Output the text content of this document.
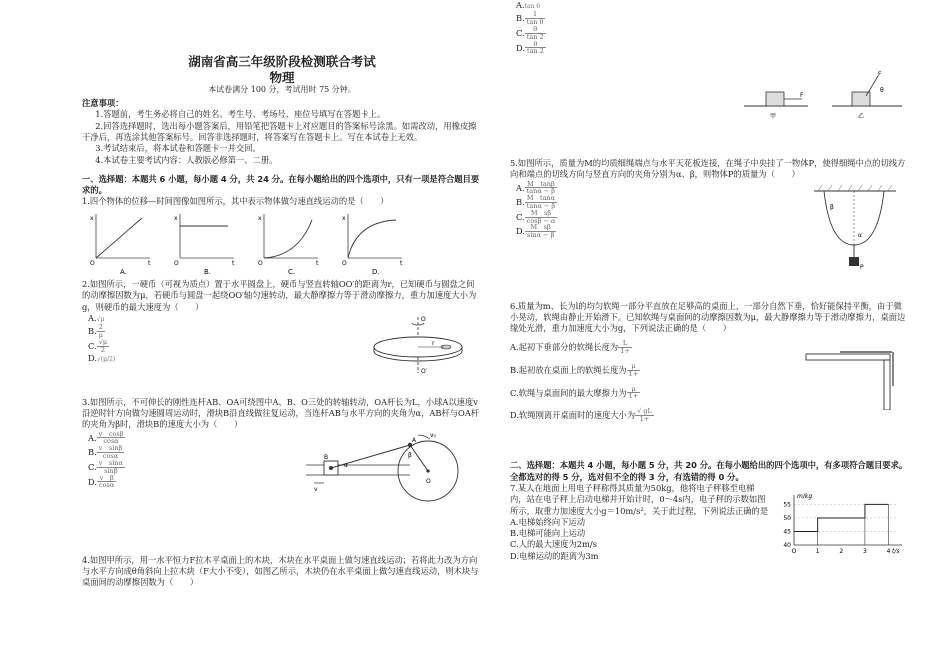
湖南省高三年级阶段检测联合考试
物理
本试卷满分 100 分，考试用时 75 分钟。

注意事项：

1.答题前，考生务必将自己的姓名、考生号、考场号、座位号填写在答题卡上。

2.回答选择题时，选出每小题答案后，用铅笔把答题卡上对应题目的答案标号涂黑。如需改动，用橡皮擦干净后，再选涂其他答案标号。回答非选择题时，将答案写在答题卡上。写在本试卷上无效。

3.考试结束后，将本试卷和答题卡一并交回。

4.本试卷主要考试内容：人教版必修第一、二册。

一、选择题：本题共 6 小题，每小题 4 分，共 24 分。在每小题给出的四个选项中，只有一项是符合题目要求的。

1.四个物体的位移—时间图像如图所示，其中表示物体做匀速直线运动的是（　　）

x
t
O
A.
x
t
O
B.
x
t
O
C.
x
t
O
D.

2.如图所示，一硬币（可视为质点）置于水平圆盘上，硬币与竖直转轴OO′的距离为r，已知硬币与圆盘之间的动摩擦因数为μ，若硬币与圆盘一起绕OO′轴匀速转动，最大静摩擦力等于滑动摩擦力，重力加速度大小为g，则硬币的最大速度为（　　）

A.√μ
B. $\frac{2}{\mu}$
C. $\frac{√\mu}{2}$
D.√(μ/2)
O
O′
r

3.如图所示，不可伸长的刚性连杆AB、OA可绕图中A、B、O三处的转轴转动，OA杆长为L，小球A以速度v沿逆时针方向做匀速圆周运动时，滑块B沿直线做往复运动，当连杆AB与水平方向的夹角为α，AB杆与OA杆的夹角为β时，滑块B的速度大小为（　　）

A. $\frac{\text{v　cosβ}}{\cos\alpha}$
B. $\frac{\text{v　sinβ}}{\cos\alpha}$
C. $\frac{\text{v　sinα}}{\sin\beta}$
D. $\frac{\text{v　β}}{\cos\alpha}$
A
B
O
v₀
v
α
β

4.如图甲所示，用一水平恒力F拉木平桌面上的木块，木块在水平桌面上做匀速直线运动；若将此力改为方向与水平方向成θ角斜向上拉木块（F大小不变），如图乙所示，木块仍在水平桌面上做匀速直线运动，则木块与桌面间的动摩擦因数为（　　）

A.tan θ
B. $\frac{1}{\text{tan θ}}$
C. $\frac{\theta}{\tan 2}$
D. $\frac{\theta}{\tan 2}$
F
甲
F
θ
乙

5.如图所示，质量为M的均质细绳端点与水平天花板连接，在绳子中央挂了一物体P，使得细绳中点的切线方向和端点的切线方向与竖直方向的夹角分别为α、β，则物体P的质量为（　　）

A. $\frac{\text{M　tanβ}}{\tan\alpha - \beta}$
B. $\frac{\text{M　tanα}}{\tan\alpha - \beta}$
C. $\frac{\text{M　sβ}}{\cos\beta - \alpha}$
D. $\frac{\text{M　sβ}}{\sin\alpha - \beta}$
P
β
α

6.质量为m、长为l的均匀软绳一部分平直放在足够高的桌面上，一部分自然下垂，恰好能保持平衡，由于微小晃动，软绳由静止开始滑下。已知软绳与桌面间的动摩擦因数为μ，最大静摩擦力等于滑动摩擦力，桌面边缘处光滑，重力加速度大小为g，下列说法正确的是（　　）

A.起初下垂部分的软绳长度为 $\frac{L}{1+}$
B.起初放在桌面上的软绳长度为 $\frac{\mu}{1+}$
C.软绳与桌面间的最大摩擦力为 $\frac{\mu}{1+}$
D.软绳刚离开桌面时的速度大小为 $\frac{√ gL}{1+}$

二、选择题：本题共 4 小题，每小题 5 分，共 20 分。在每小题给出的四个选项中，有多项符合题目要求。全都选对的得 5 分，选对但不全的得 3 分，有选错的得 0 分。

7.某人在地面上用电子秤称得其质量为50kg，他将电子秤移至电梯内，站在电子秤上启动电梯并开始计时，0～4s内，电子秤的示数如图所示，取重力加速度大小g＝10m/s²，关于此过程，下列说法正确的是

A.电梯始终向下运动
B.电梯可能向上运动
C.人的最大速度为2m/s
D.电梯运动的距离为3m
40
45
50
55
O	1	2	3	4
m/kg
t/s
